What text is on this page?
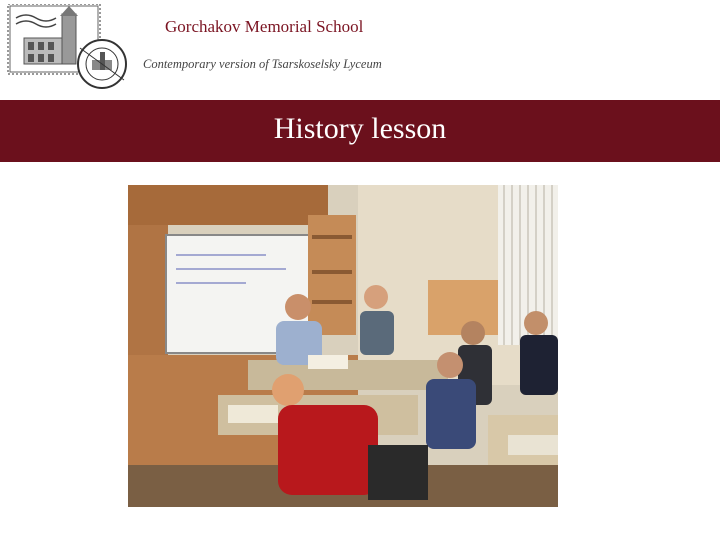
Gorchakov Memorial School
Contemporary version of Tsarskoselsky Lyceum
History lesson
